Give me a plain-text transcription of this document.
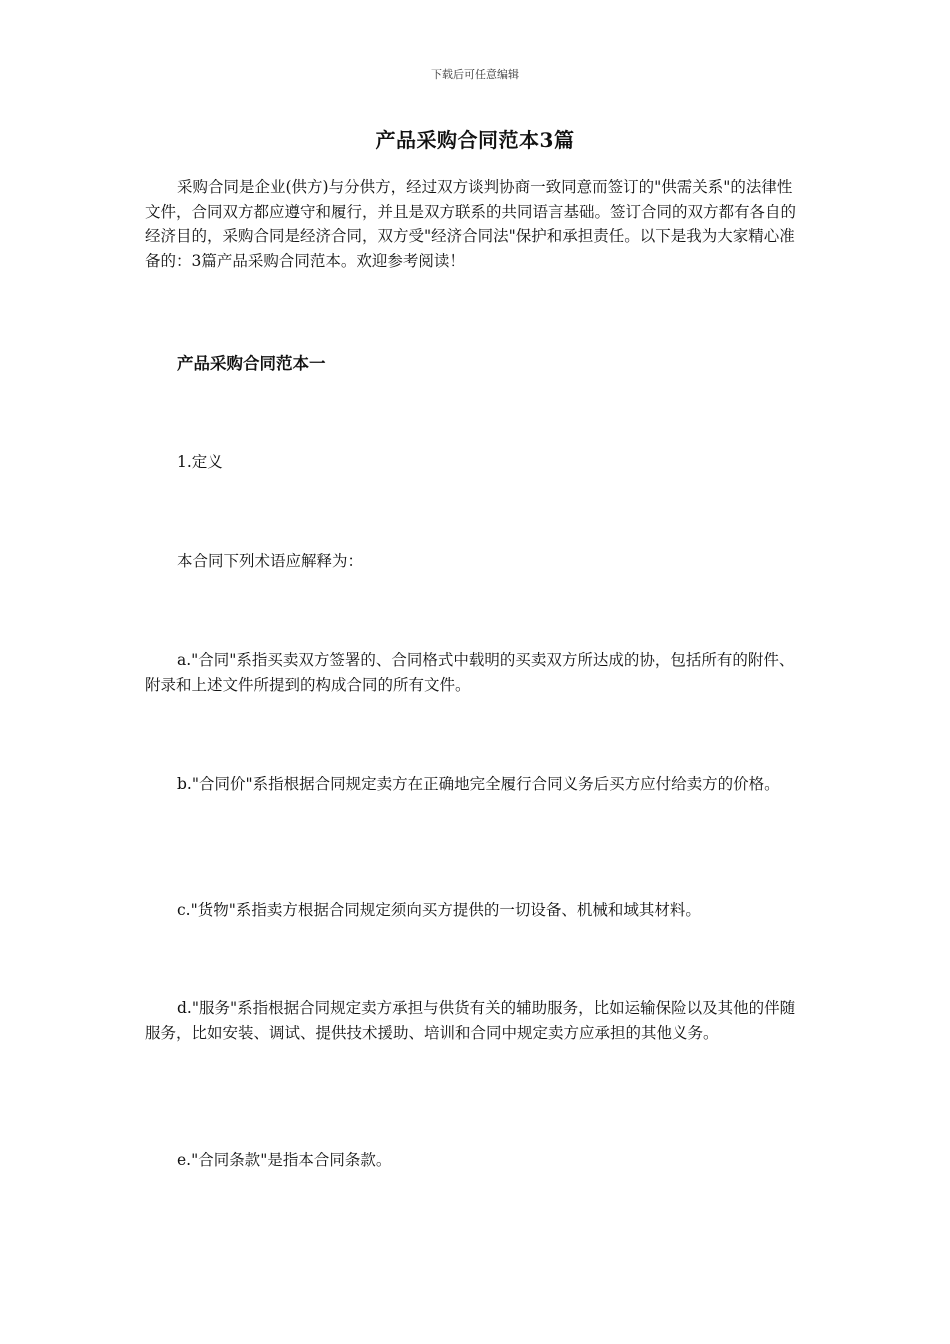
下载后可任意编辑
产品采购合同范本3篇

采购合同是企业(供方)与分供方，经过双方谈判协商一致同意而签订的"供需关系"的法律性文件，合同双方都应遵守和履行，并且是双方联系的共同语言基础。签订合同的双方都有各自的经济目的，采购合同是经济合同，双方受"经济合同法"保护和承担责任。以下是我为大家精心准备的：3篇产品采购合同范本。欢迎参考阅读！

产品采购合同范本一

1.定义

本合同下列术语应解释为：

a."合同"系指买卖双方签署的、合同格式中载明的买卖双方所达成的协，包括所有的附件、附录和上述文件所提到的构成合同的所有文件。

b."合同价"系指根据合同规定卖方在正确地完全履行合同义务后买方应付给卖方的价格。

c."货物"系指卖方根据合同规定须向买方提供的一切设备、机械和域其材料。

d."服务"系指根据合同规定卖方承担与供货有关的辅助服务，比如运输保险以及其他的伴随服务，比如安装、调试、提供技术援助、培训和合同中规定卖方应承担的其他义务。

e."合同条款"是指本合同条款。
